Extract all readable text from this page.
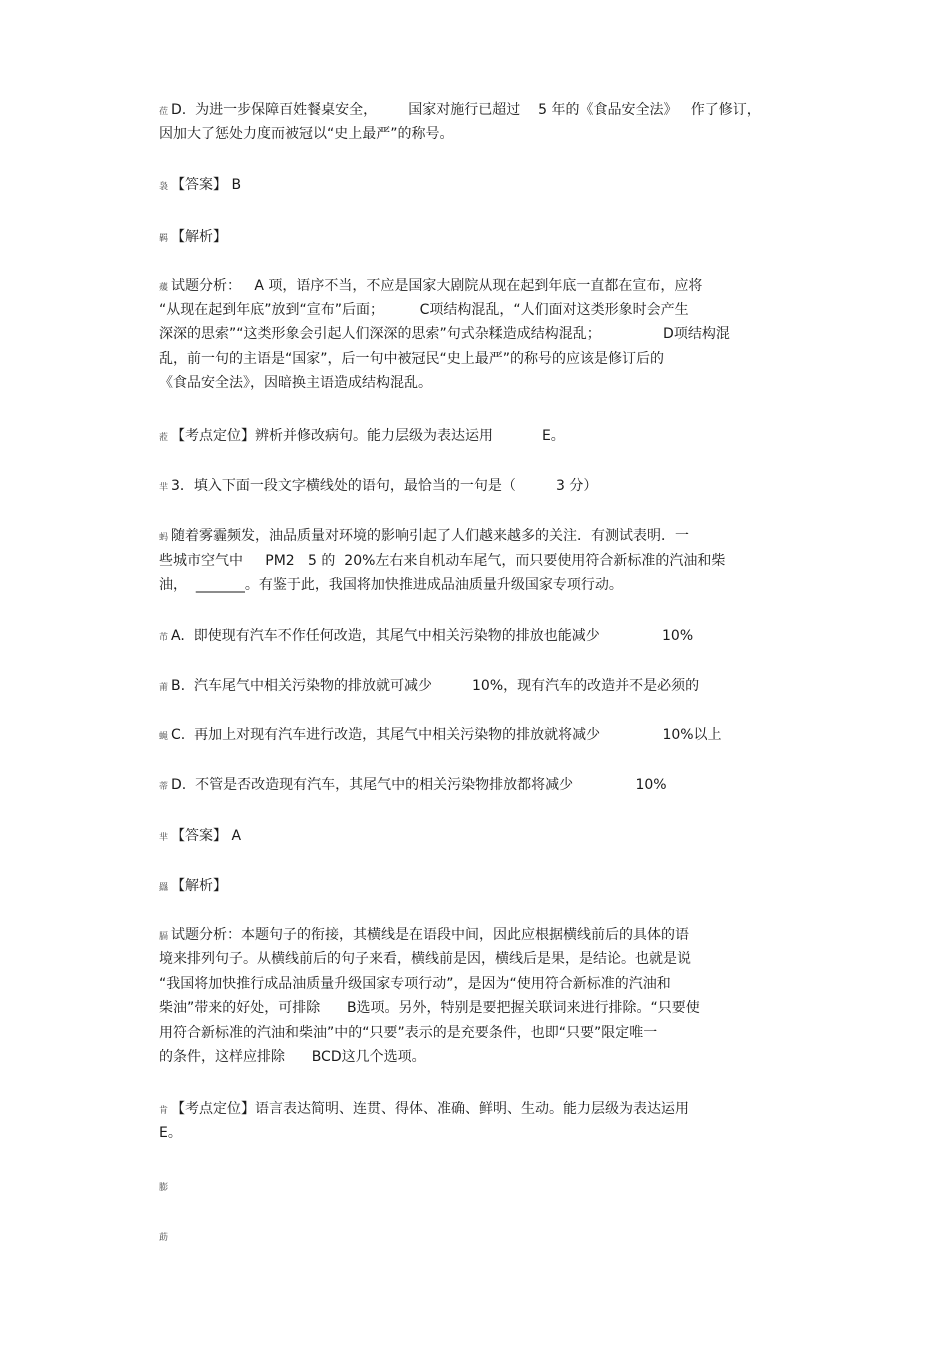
莅 D.  为进一步保障百姓餐桌安全，       国家对施行已超过    5 年的《食品安全法》   作了修订，
因加大了惩处力度而被冠以“史上最严”的称号。
袅 【答案】 B
羁 【解析】
蕿 试题分析：   A 项，语序不当，不应是国家大剧院从现在起到年底一直都在宣布，应将
“从现在起到年底”放到“宣布”后面；        C项结构混乱，“人们面对这类形象时会产生
深深的思索”“这类形象会引起人们深深的思索”句式杂糅造成结构混乱；              D项结构混
乱，前一句的主语是“国家”，后一句中被冠民“史上最严”的称号的应该是修订后的
《食品安全法》，因暗换主语造成结构混乱。
蒞 【考点定位】辨析并修改病句。能力层级为表达运用           E。
羋 3．填入下面一段文字横线处的语句，最恰当的一句是（         3 分）
蚂 随着雾霾频发，油品质量对环境的影响引起了人们越来越多的关注．有测试表明．一
些城市空气中     PM2   5 的  20%左右来自机动车尾气，而只要使用符合新标准的汽油和柴
油，  _______。有鉴于此，我国将加快推进成品油质量升级国家专项行动。
芇 A.  即使现有汽车不作任何改造，其尾气中相关污染物的排放也能减少              10%
莆 B.  汽车尾气中相关污染物的排放就可减少         10%，现有汽车的改造并不是必须的
蝇 C.  再加上对现有汽车进行改造，其尾气中相关污染物的排放就将减少              10%以上
蒂 D.  不管是否改造现有汽车，其尾气中的相关污染物排放都将减少              10%
芈 【答案】 A
羉 【解析】
膈 试题分析：本题句子的衔接，其横线是在语段中间，因此应根据横线前后的具体的语
境来排列句子。从横线前后的句子来看，横线前是因，横线后是果，是结论。也就是说
“我国将加快推行成品油质量升级国家专项行动”，是因为“使用符合新标准的汽油和
柴油”带来的好处，可排除      B选项。另外，特别是要把握关联词来进行排除。“只要使
用符合新标准的汽油和柴油”中的“只要”表示的是充要条件，也即“只要”限定唯一
的条件，这样应排除      BCD这几个选项。
肯 【考点定位】语言表达简明、连贯、得体、准确、鲜明、生动。能力层级为表达运用
E。
膨
莇
